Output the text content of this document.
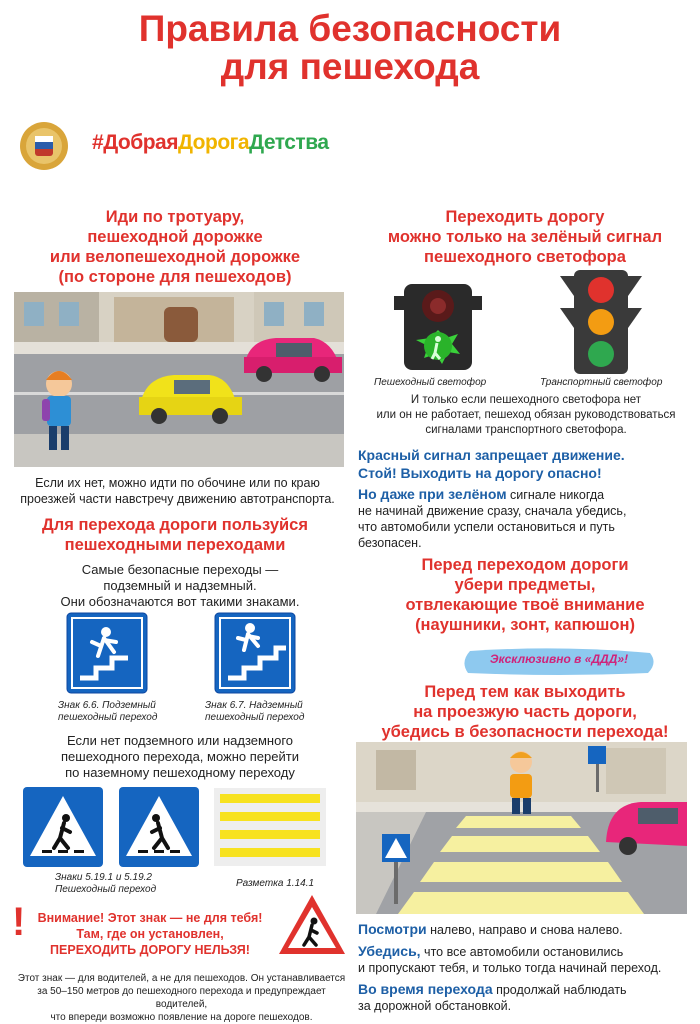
Правила безопасности
для пешехода
#ДобраяДорогаДетства
Иди по тротуару,
пешеходной дорожке
или велопешеходной дорожке
(по стороне для пешеходов)
Если их нет, можно идти по обочине или по краю
проезжей части навстречу движению автотранспорта.
Для перехода дороги пользуйся
пешеходными переходами
Самые безопасные переходы —
подземный и надземный.
Они обозначаются вот такими знаками.
Знак 6.6. Подземный
пешеходный переход
Знак 6.7. Надземный
пешеходный переход
Если нет подземного или надземного
пешеходного перехода, можно перейти
по наземному пешеходному переходу
Знаки 5.19.1 и 5.19.2
Пешеходный переход
Разметка 1.14.1
! Внимание! Этот знак — не для тебя!
Там, где он установлен,
ПЕРЕХОДИТЬ ДОРОГУ НЕЛЬЗЯ!
Этот знак — для водителей, а не для пешеходов. Он устанавливается
за 50–150 метров до пешеходного перехода и предупреждает водителей,
что впереди возможно появление на дороге пешеходов.
Переходить дорогу
можно только на зелёный сигнал
пешеходного светофора
Пешеходный светофор	Транспортный светофор
И только если пешеходного светофора нет
или он не работает, пешеход обязан руководствоваться
сигналами транспортного светофора.
Красный сигнал запрещает движение.
Стой! Выходить на дорогу опасно!
Но даже при зелёном сигнале никогда
не начинай движение сразу, сначала убедись,
что автомобили успели остановиться и путь
безопасен.
Перед переходом дороги
убери предметы,
отвлекающие твоё внимание
(наушники, зонт, капюшон)
Эксклюзивно в «ДДД»!
Перед тем как выходить
на проезжую часть дороги,
убедись в безопасности перехода!
Посмотри налево, направо и снова налево.
Убедись, что все автомобили остановились
и пропускают тебя, и только тогда начинай переход.
Во время перехода продолжай наблюдать
за дорожной обстановкой.
